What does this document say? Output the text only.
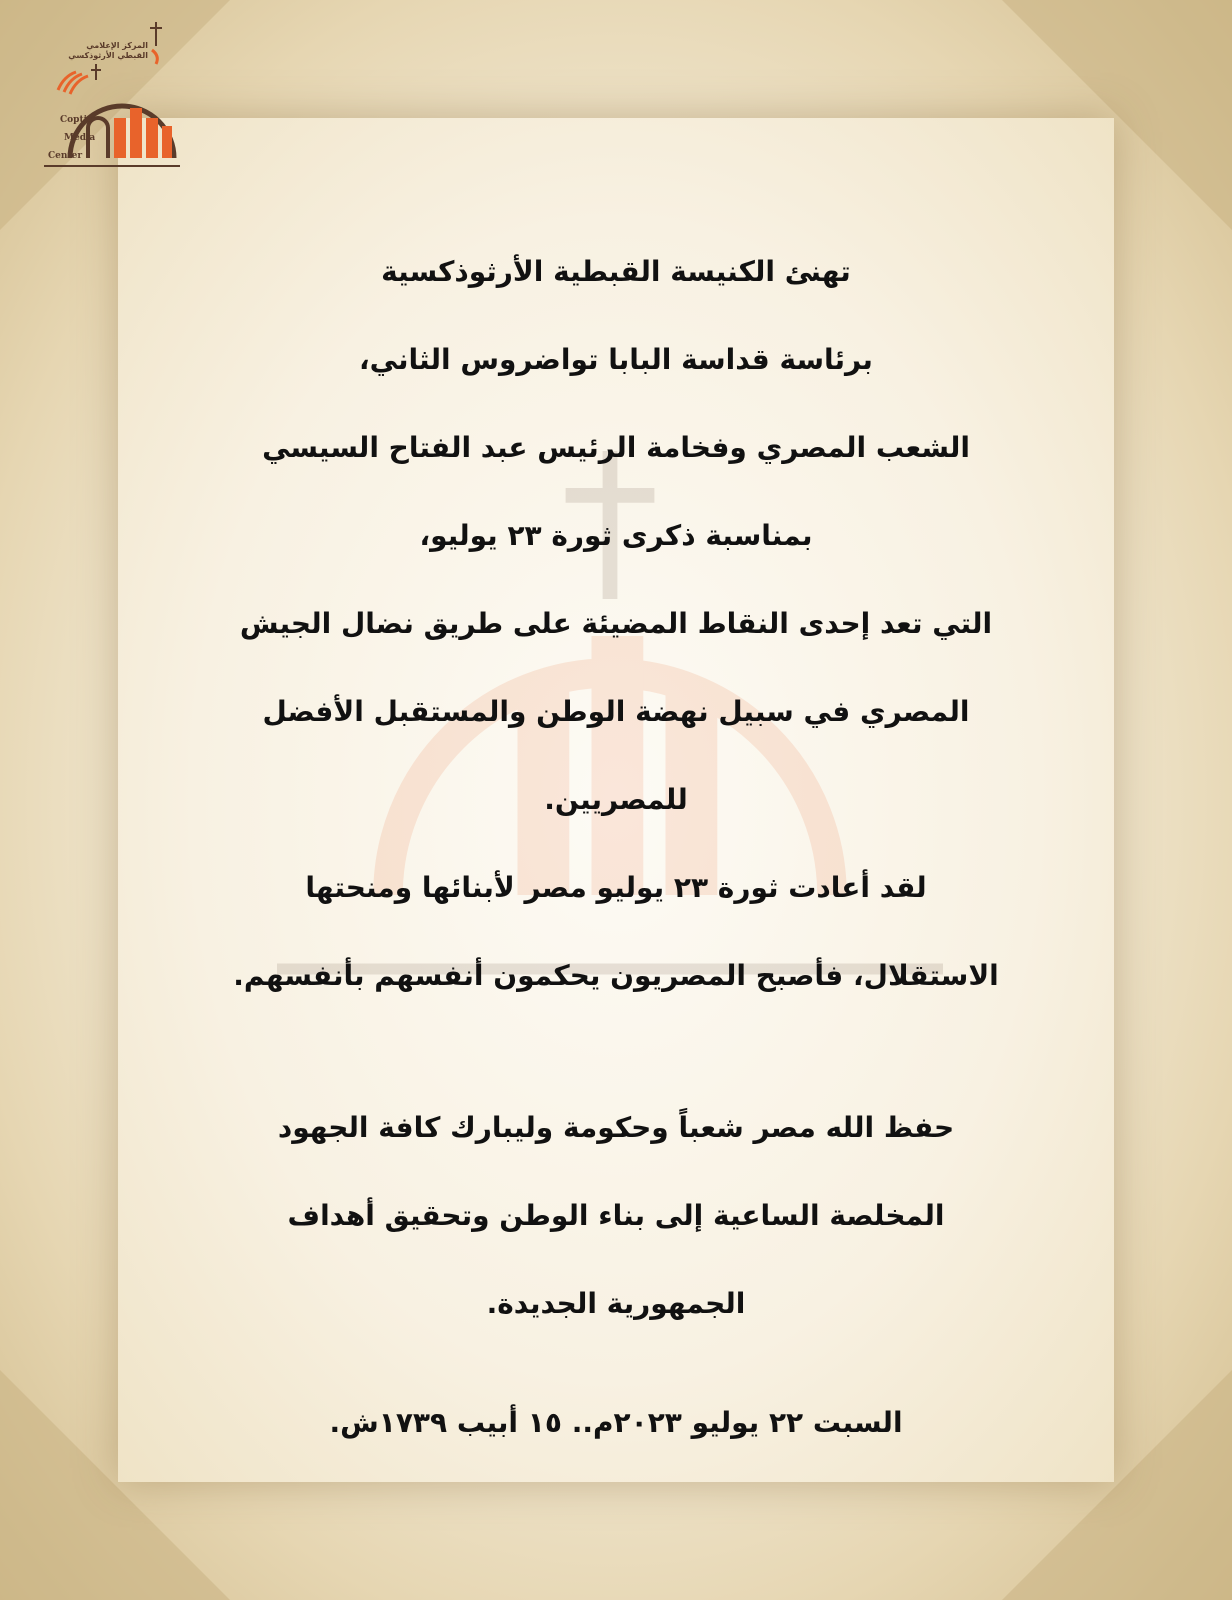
المركز الإعلامي
القبطي الأرثوذكسي
Coptic
Media
Center
تهنئ الكنيسة القبطية الأرثوذكسية
برئاسة قداسة البابا تواضروس الثاني،
الشعب المصري وفخامة الرئيس عبد الفتاح السيسي
بمناسبة ذكرى ثورة ٢٣ يوليو،
التي تعد إحدى النقاط المضيئة على طريق نضال الجيش
المصري في سبيل نهضة الوطن والمستقبل الأفضل
للمصريين.
لقد أعادت ثورة ٢٣ يوليو مصر لأبنائها ومنحتها
الاستقلال، فأصبح المصريون يحكمون أنفسهم بأنفسهم.
حفظ الله مصر شعباً وحكومة وليبارك كافة الجهود
المخلصة الساعية إلى بناء الوطن وتحقيق أهداف
الجمهورية الجديدة.
السبت ٢٢ يوليو ٢٠٢٣م.. ١٥ أبيب ١٧٣٩ش.
